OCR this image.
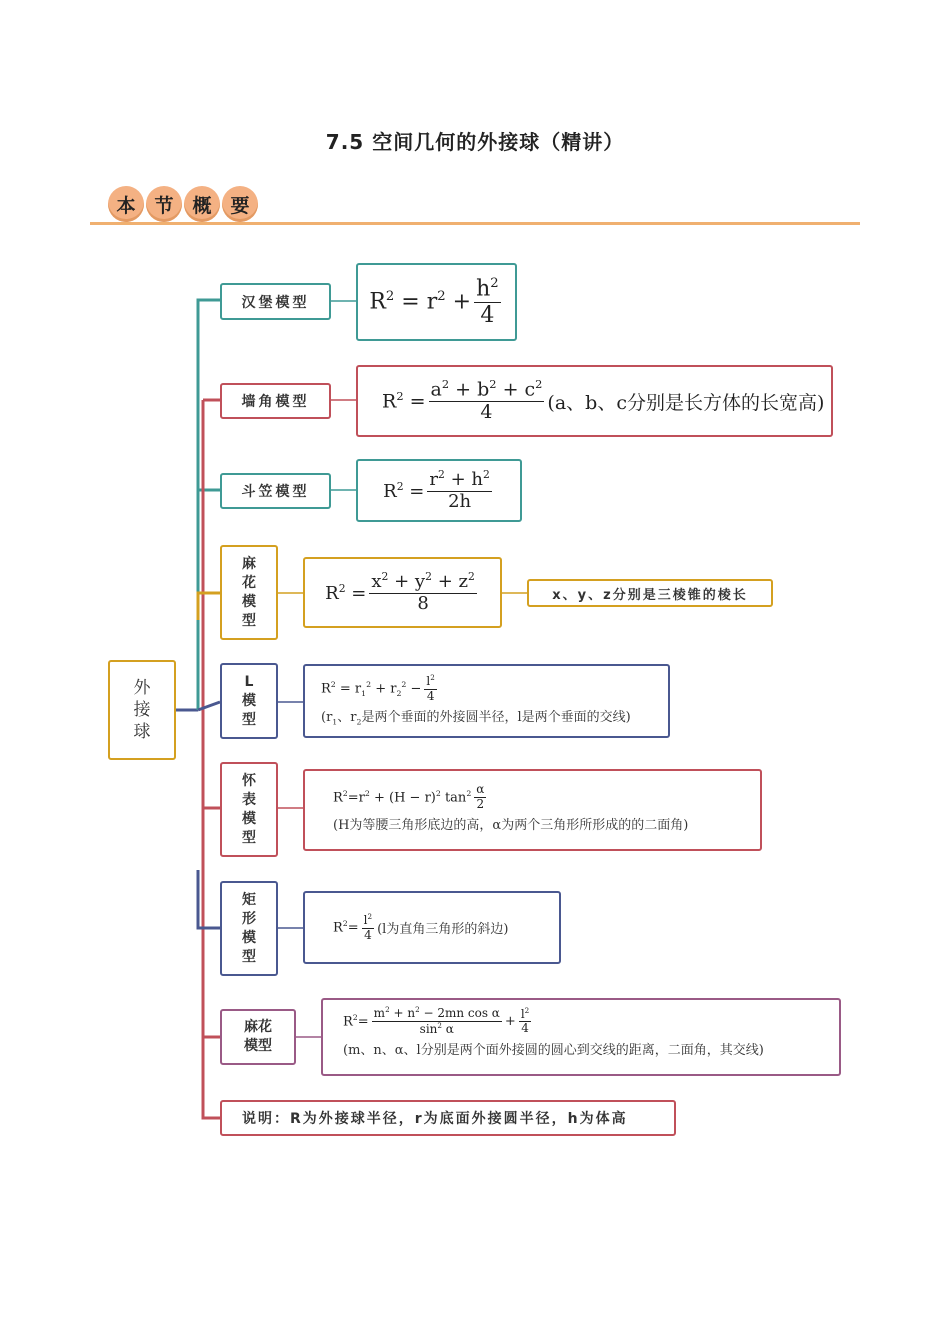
7.5 空间几何的外接球（精讲）
本 节 概 要
外
接
球
汉堡模型	$R^2 = r^2 + \frac{h^2}{4}$
墙角模型	$R^2 = \frac{a^2 + b^2 + c^2}{4} (a$、b、c分别是长方体的长宽高)
斗笠模型	$R^2 = \frac{r^2 + h^2}{2h}$
麻
花
模
型
$R^2 = \frac{x^2 + y^2 + z^2}{8}$	x、y、z分别是三棱锥的棱长
L
模
型
$R^2 = r_1^2 + r_2^2 - \frac{l^2}{4}$
($r_1$、$r_2$是两个垂面的外接圆半径，l是两个垂面的交线)
怀
表
模
型
$R^2=r^2 + (H - r)^2$ $\tan^2 \frac{\alpha}{2}$
(H为等腰三角形底边的高，α为两个三角形所形成的的二面角)
矩
形
模
型
$R^2= \frac{l^2}{4} (l$为直角三角形的斜边)
麻花
模型
$R^2= \frac{m^2 + n^2 - 2mn \cos \alpha}{\sin^2 \alpha} + \frac{l^2}{4}$
(m、n、α、l分别是两个面外接圆的圆心到交线的距离，二面角，其交线)
说明：R为外接球半径，r为底面外接圆半径，h为体高
